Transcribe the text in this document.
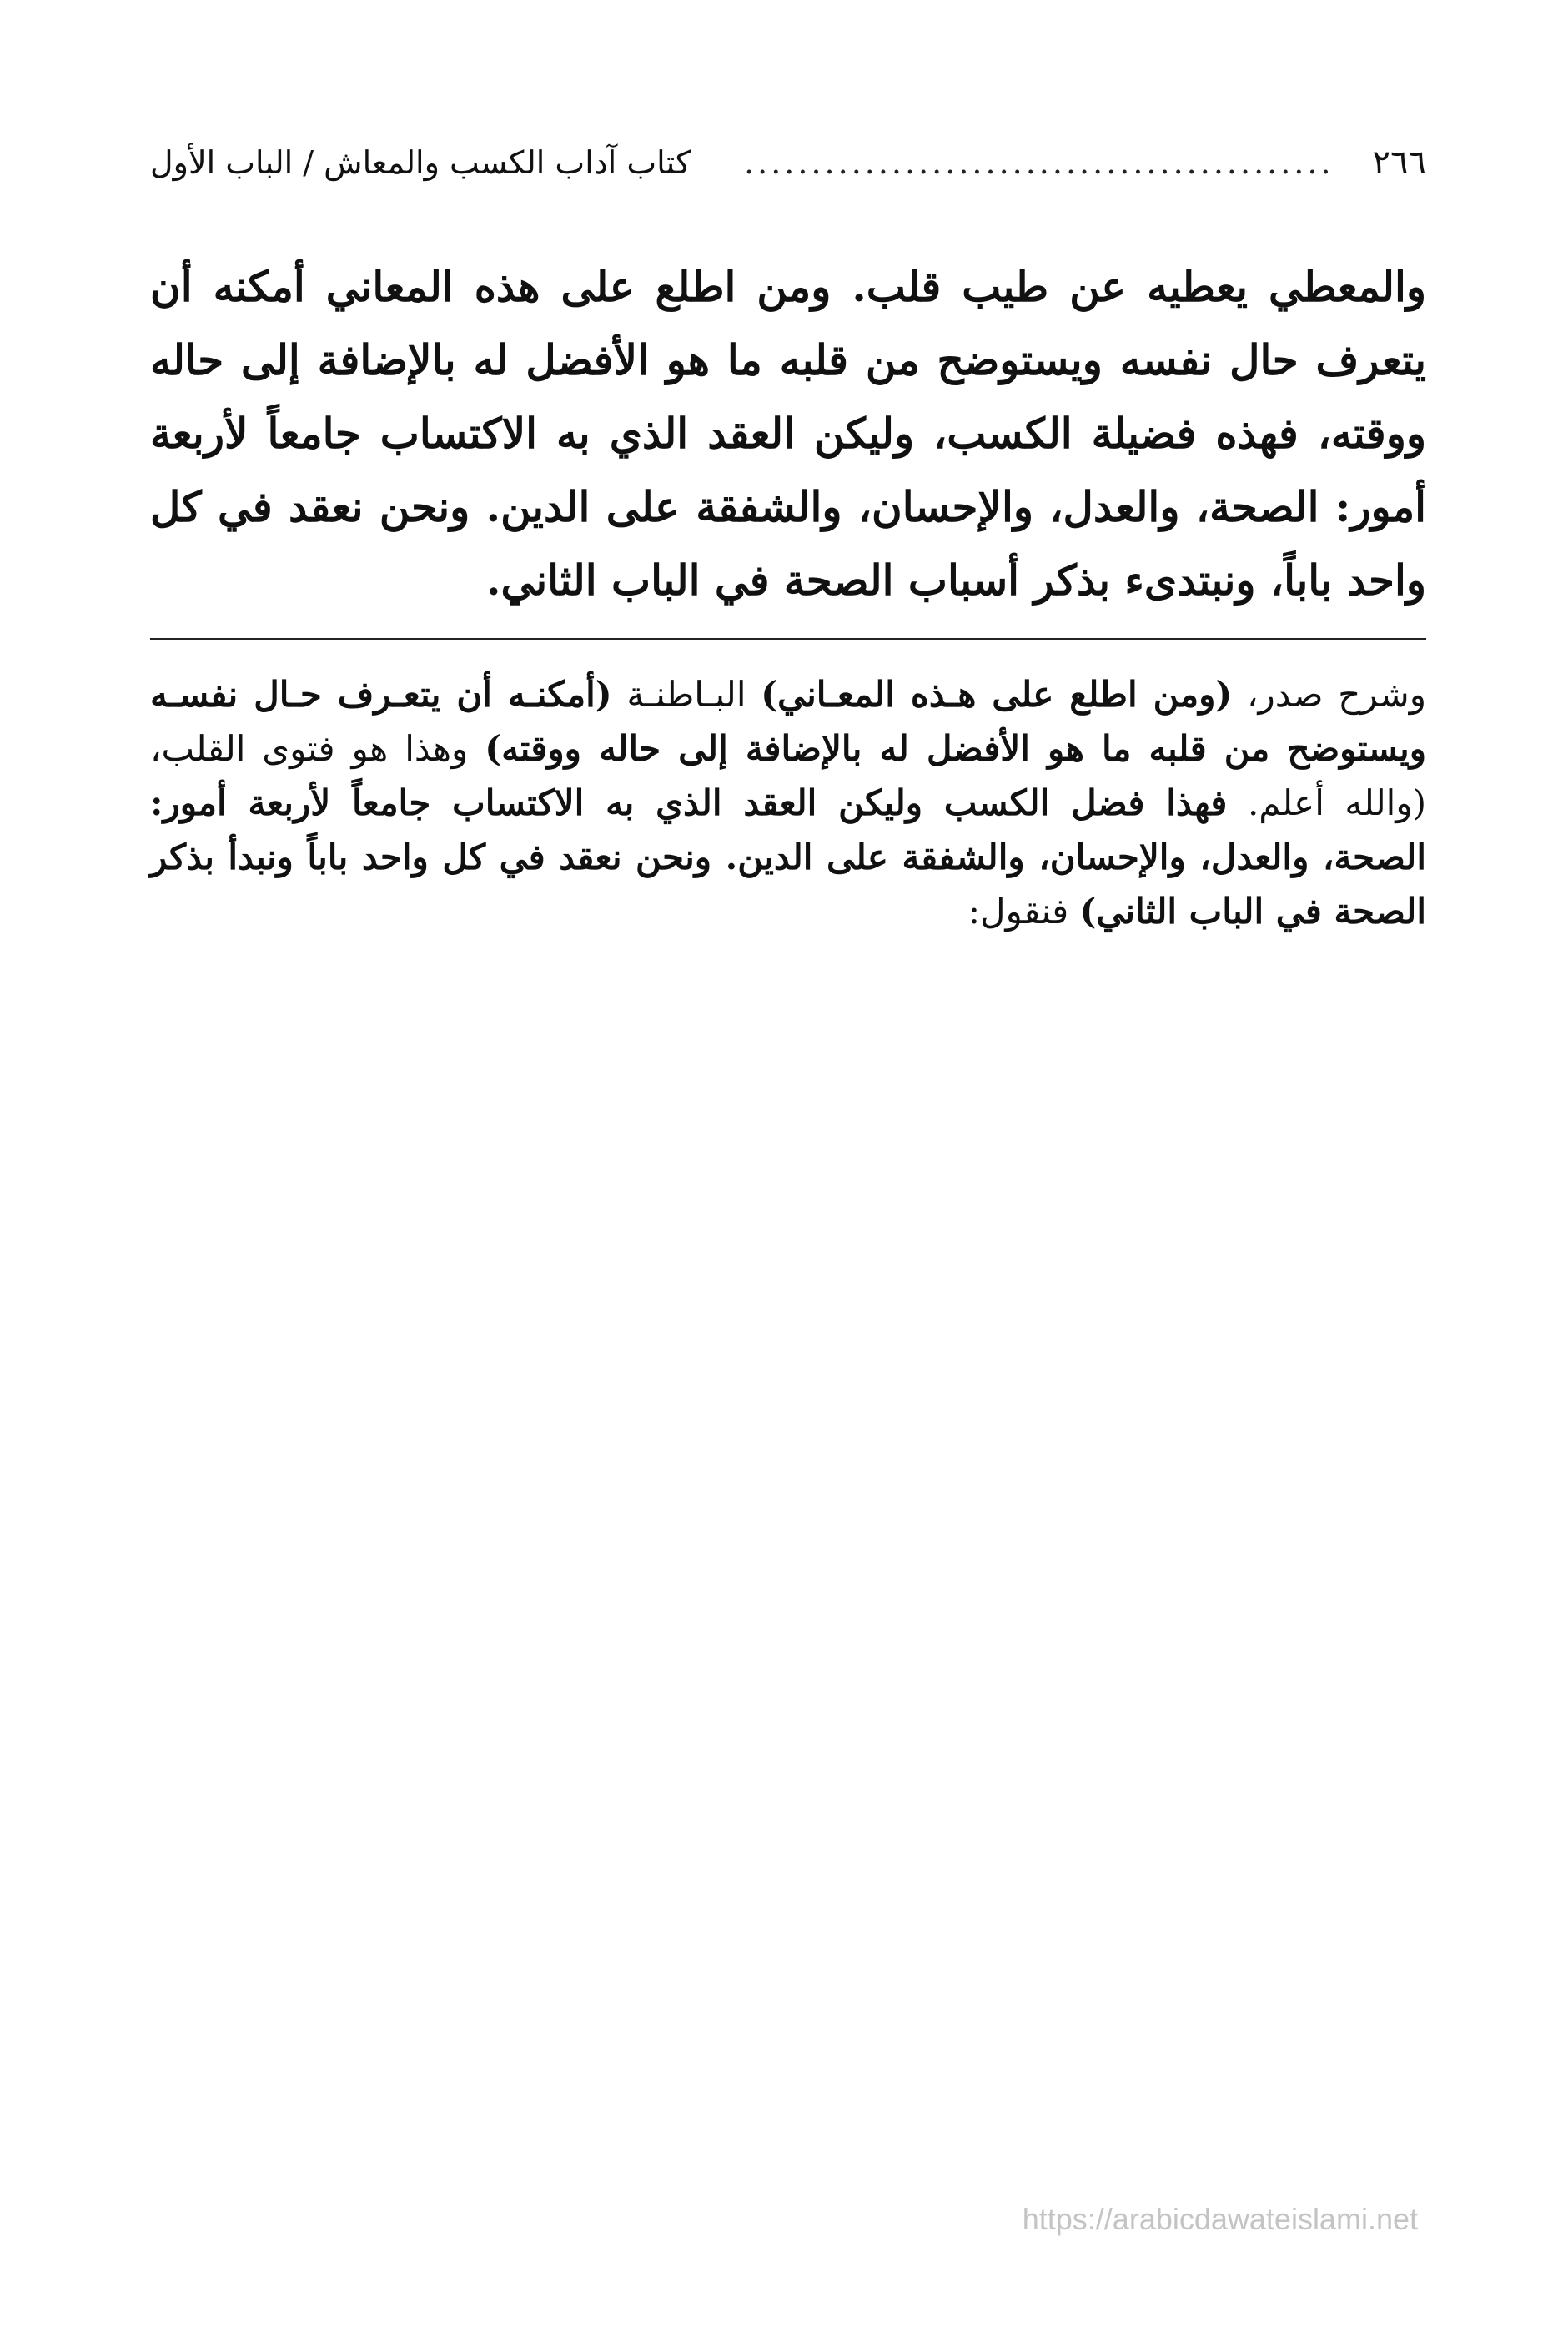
٢٦٦
............................................
كتاب آداب الكسب والمعاش / الباب الأول

والمعطي يعطيه عن طيب قلب. ومن اطلع على هذه المعاني أمكنه أن يتعرف حال نفسه ويستوضح من قلبه ما هو الأفضل له بالإضافة إلى حاله ووقته، فهذه فضيلة الكسب، وليكن العقد الذي به الاكتساب جامعاً لأربعة أمور: الصحة، والعدل، والإحسان، والشفقة على الدين. ونحن نعقد في كل واحد باباً، ونبتدىء بذكر أسباب الصحة في الباب الثاني.

وشرح صدر، (ومن اطلع على هـذه المعـاني) البـاطنـة (أمكنـه أن يتعـرف حـال نفسـه ويستوضح من قلبه ما هو الأفضل له بالإضافة إلى حاله ووقته) وهذا هو فتوى القلب، (والله أعلم. فهذا فضل الكسب وليكن العقد الذي به الاكتساب جامعاً لأربعة أمور: الصحة، والعدل، والإحسان، والشفقة على الدين. ونحن نعقد في كل واحد باباً ونبدأ بذكر الصحة في الباب الثاني) فنقول:

https://arabicdawateislami.net
